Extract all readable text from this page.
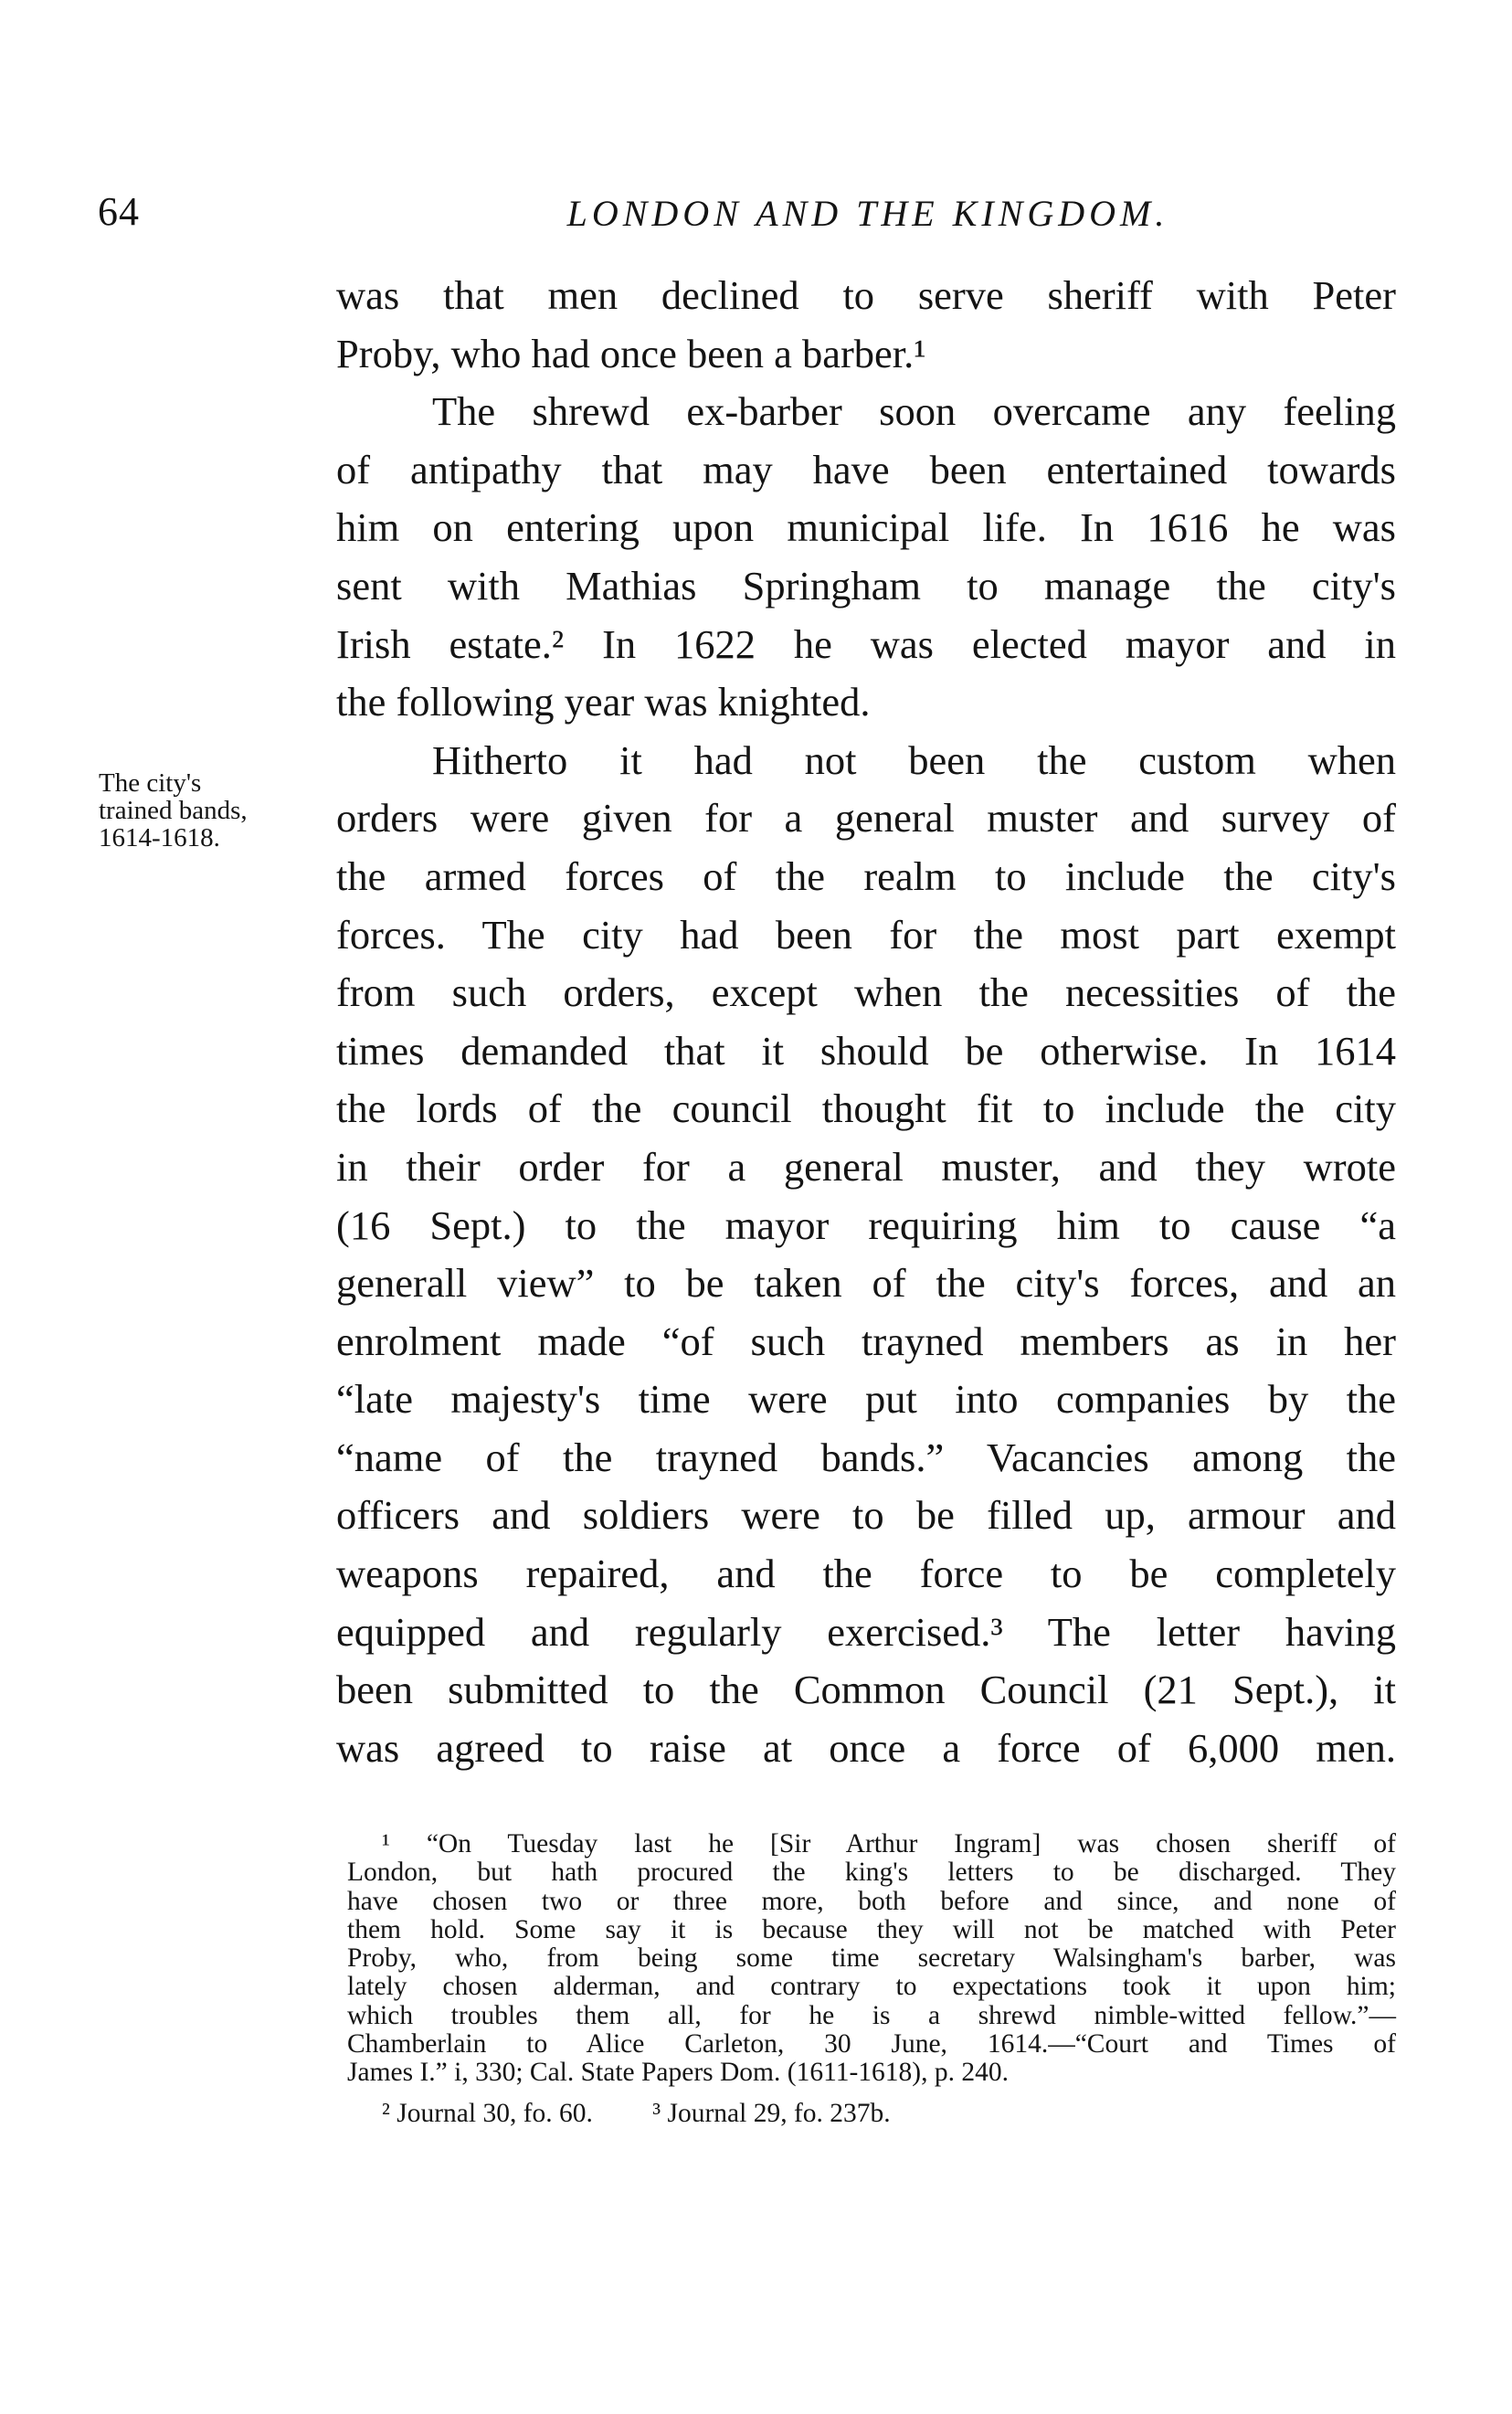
64	LONDON AND THE KINGDOM.
The city's
trained bands,
1614-1618.
was that men declined to serve sheriff with Peter
Proby, who had once been a barber.¹
The shrewd ex-barber soon overcame any feeling
of antipathy that may have been entertained towards
him on entering upon municipal life. In 1616 he was
sent with Mathias Springham to manage the city's
Irish estate.² In 1622 he was elected mayor and in
the following year was knighted.
Hitherto it had not been the custom when
orders were given for a general muster and survey of
the armed forces of the realm to include the city's
forces. The city had been for the most part exempt
from such orders, except when the necessities of the
times demanded that it should be otherwise. In 1614
the lords of the council thought fit to include the city
in their order for a general muster, and they wrote
(16 Sept.) to the mayor requiring him to cause “a
generall view” to be taken of the city's forces, and an
enrolment made “of such trayned members as in her
“late majesty's time were put into companies by the
“name of the trayned bands.” Vacancies among the
officers and soldiers were to be filled up, armour and
weapons repaired, and the force to be completely
equipped and regularly exercised.³ The letter having
been submitted to the Common Council (21 Sept.), it
was agreed to raise at once a force of 6,000 men.
¹ “On Tuesday last he [Sir Arthur Ingram] was chosen sheriff of
London, but hath procured the king's letters to be discharged. They
have chosen two or three more, both before and since, and none of
them hold. Some say it is because they will not be matched with Peter
Proby, who, from being some time secretary Walsingham's barber, was
lately chosen alderman, and contrary to expectations took it upon him;
which troubles them all, for he is a shrewd nimble-witted fellow.”—
Chamberlain to Alice Carleton, 30 June, 1614.—“Court and Times of
James I.” i, 330; Cal. State Papers Dom. (1611-1618), p. 240.
² Journal 30, fo. 60. ³ Journal 29, fo. 237b.
